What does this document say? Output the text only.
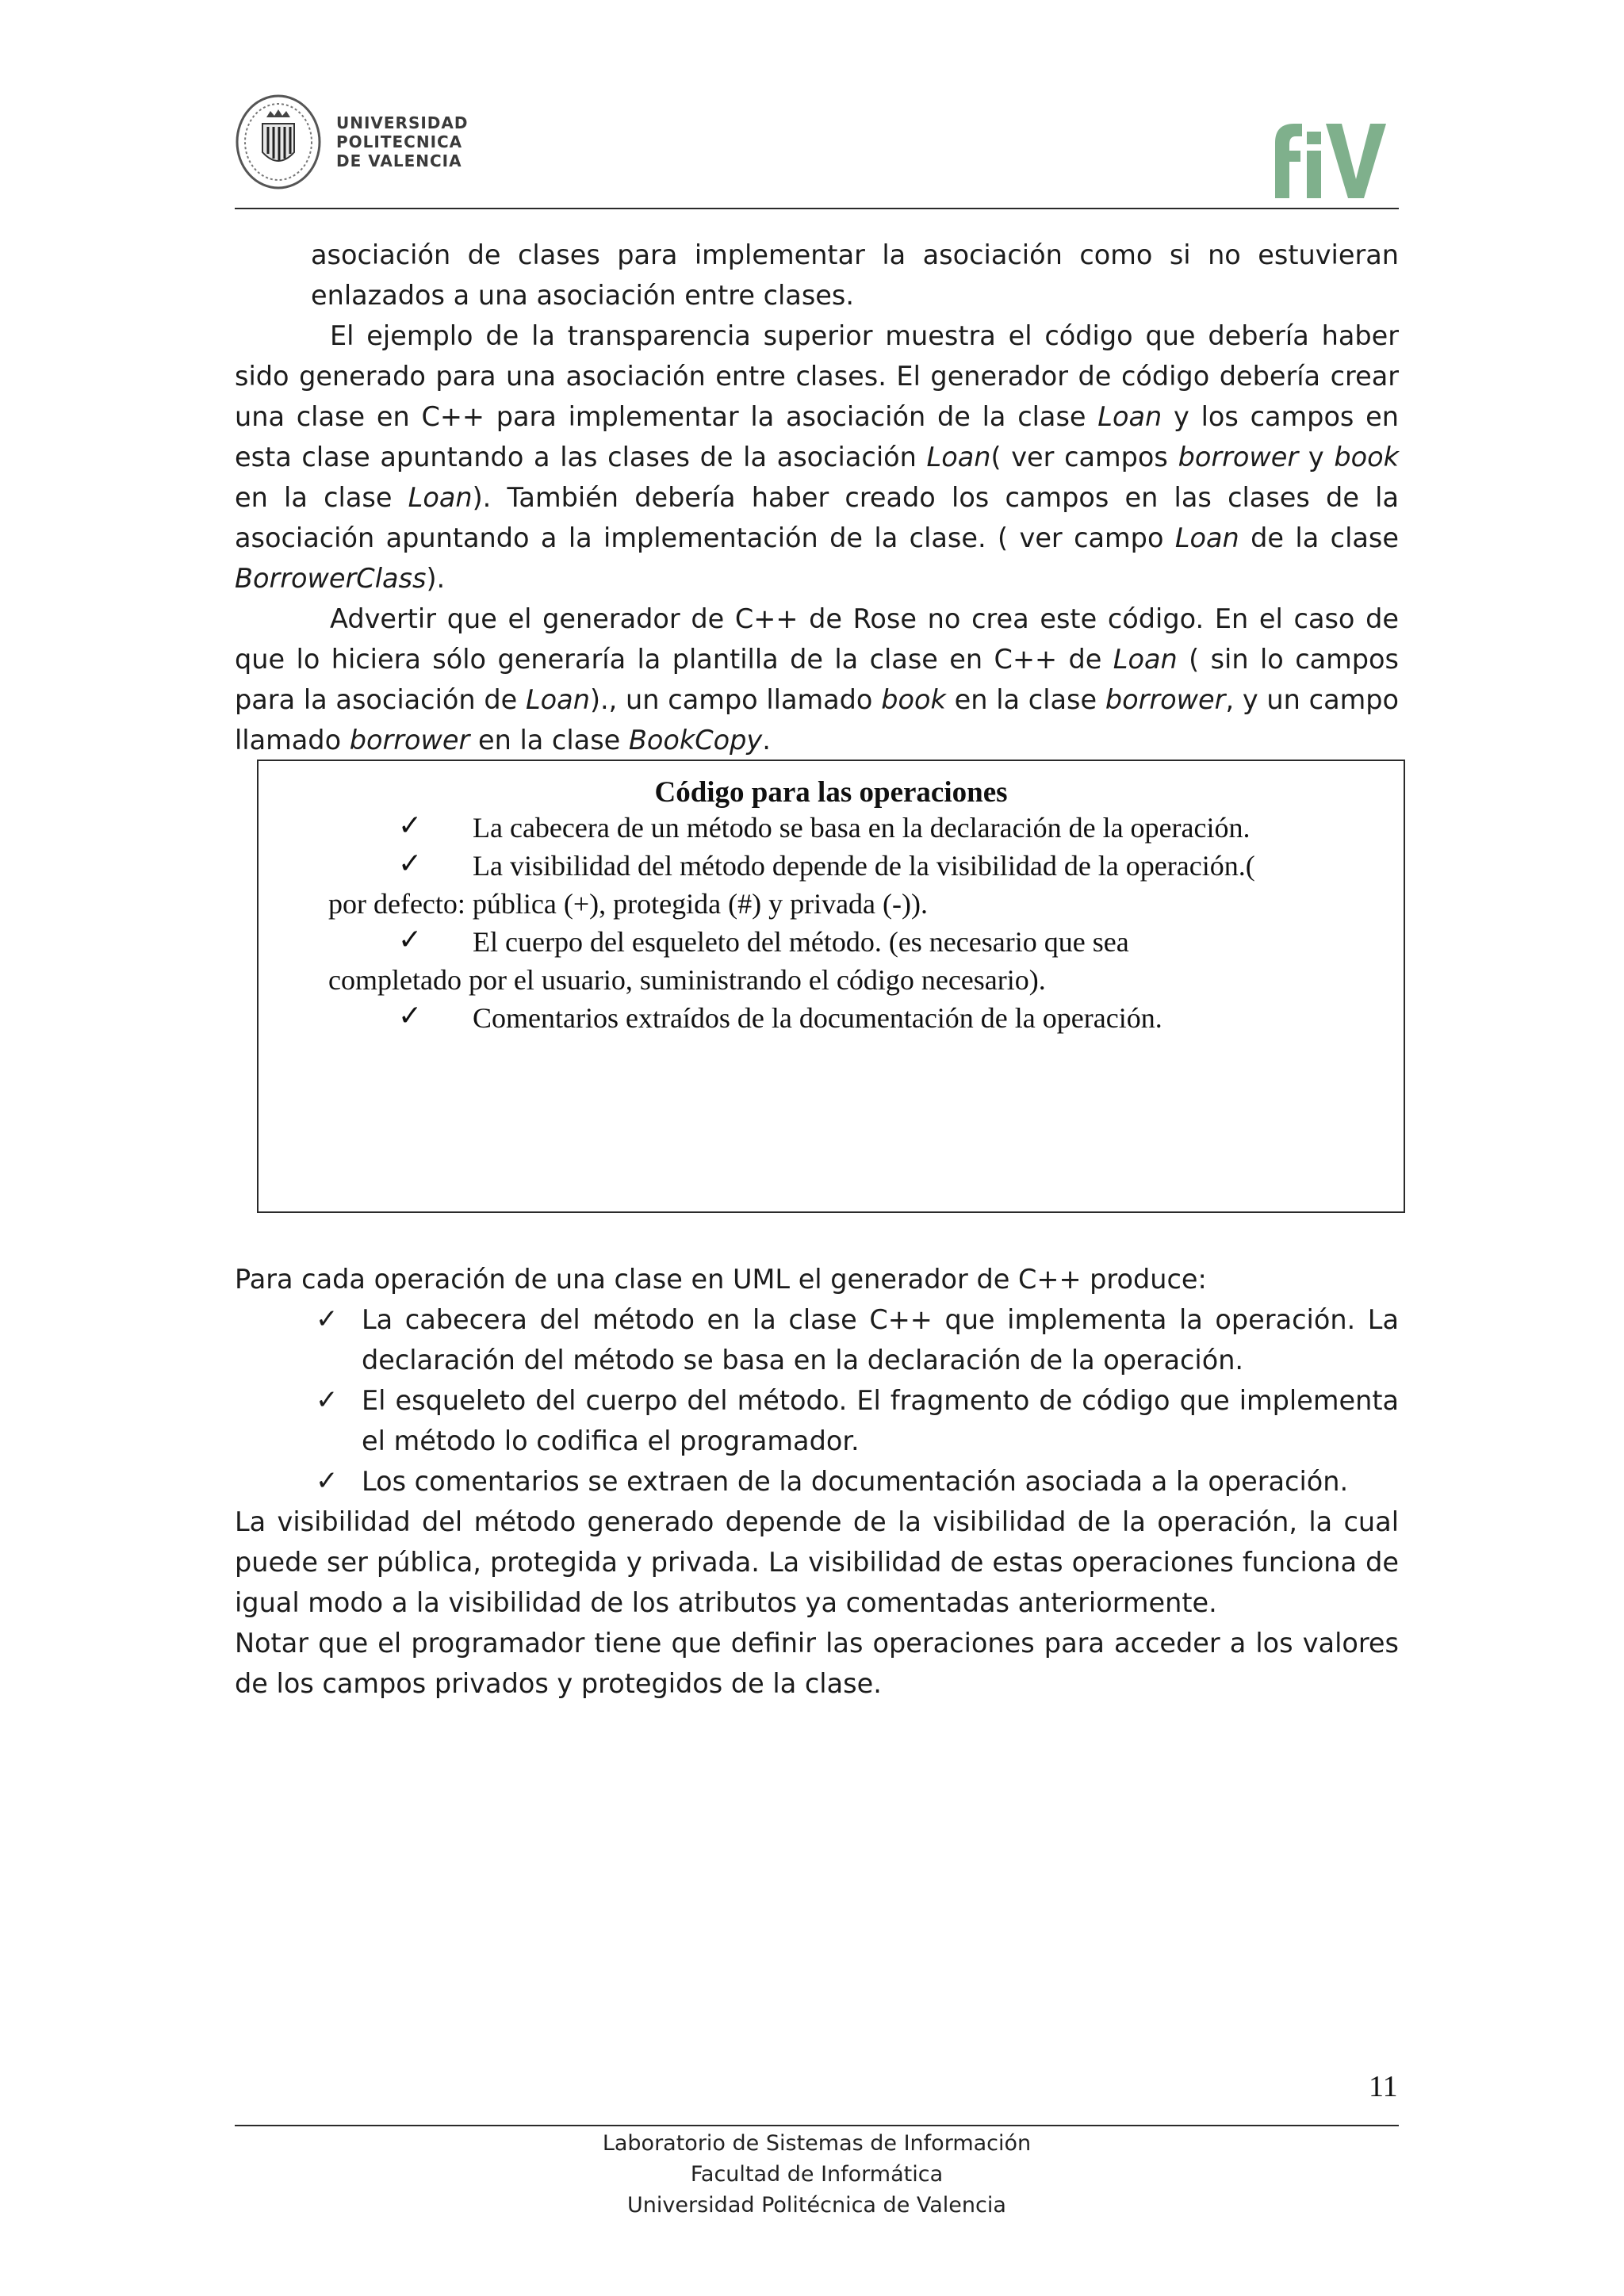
UNIVERSIDAD
POLITECNICA
DE VALENCIA

asociación de clases para implementar la asociación como si no estuvieran enlazados a una asociación entre clases.

El ejemplo de la transparencia superior muestra el código que debería haber sido generado para una asociación entre clases. El generador de código debería crear una clase en C++ para implementar la asociación de la clase Loan y los campos en esta clase apuntando a las clases de la asociación Loan( ver campos borrower y book en la clase Loan). También debería haber creado los campos en las clases de la asociación apuntando a la implementación de la clase. ( ver campo Loan de la clase BorrowerClass).

Advertir que el generador de C++ de Rose no crea este código. En el caso de que lo hiciera sólo generaría la plantilla de la clase en C++ de Loan ( sin lo campos para la asociación de Loan)., un campo llamado book en la clase borrower, y un campo llamado borrower en la clase BookCopy.

Código para las operaciones
✓ La cabecera de un método se basa en la declaración de la operación.
✓ La visibilidad del método depende de la visibilidad de la operación.(
por defecto: pública (+), protegida (#) y privada (-)).
✓ El cuerpo del esqueleto del método. (es necesario que sea
completado por el usuario, suministrando el código necesario).
✓ Comentarios extraídos de la documentación de la operación.

Para cada operación de una clase en UML el generador de C++ produce:

✓ La cabecera del método en la clase C++ que implementa la operación. La declaración del método se basa en la declaración de la operación.
✓ El esqueleto del cuerpo del método. El fragmento de código que implementa el método lo codifica el programador.
✓ Los comentarios se extraen de la documentación asociada a la operación.

La visibilidad del método generado depende de la visibilidad de la operación, la cual puede ser pública, protegida y privada. La visibilidad de estas operaciones funciona de igual modo a la visibilidad de los atributos ya comentadas anteriormente.

Notar que el programador tiene que definir las operaciones para acceder a los valores de los campos privados y protegidos de la clase.

11
Laboratorio de Sistemas de Información
Facultad de Informática
Universidad Politécnica de Valencia
